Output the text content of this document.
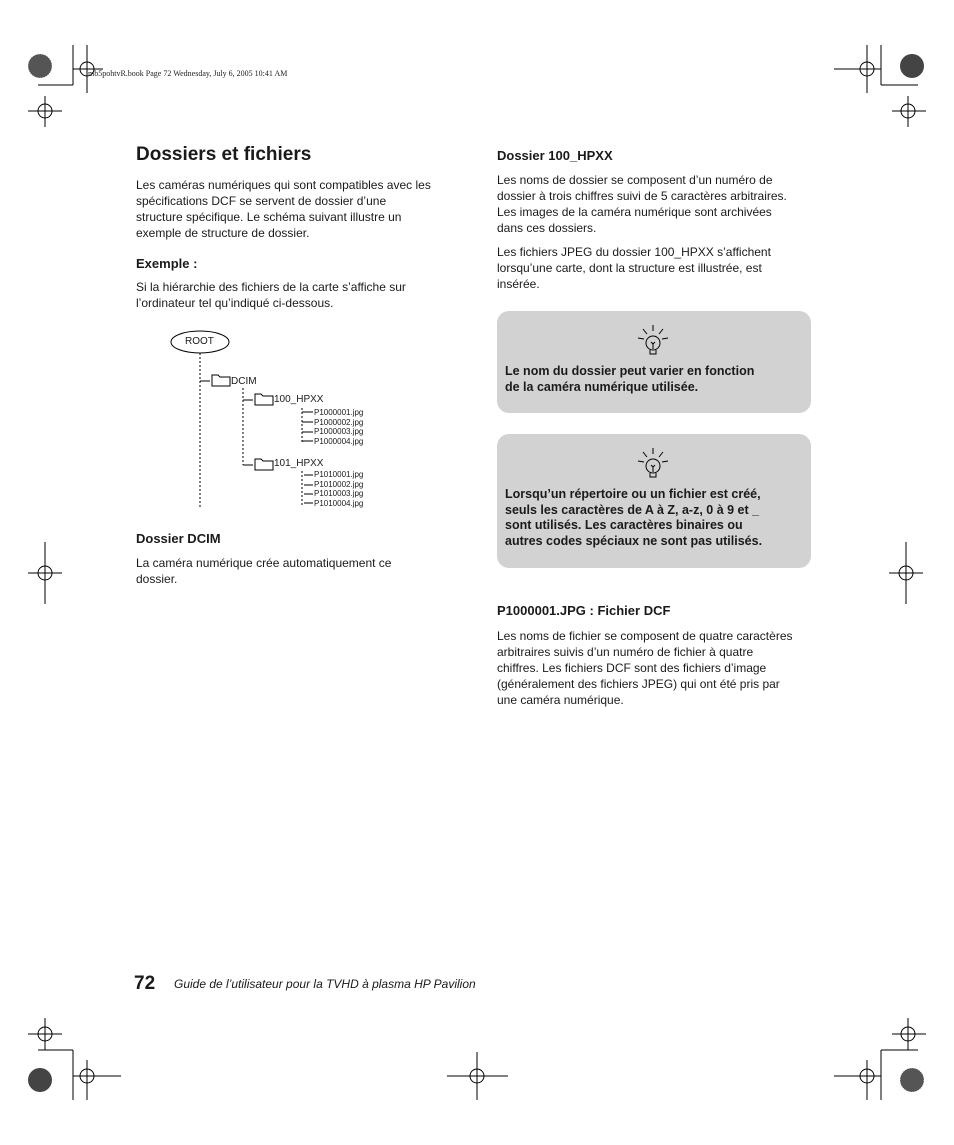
mb5pohtvR.book Page 72 Wednesday, July 6, 2005 10:41 AM
Dossiers et fichiers
Les caméras numériques qui sont compatibles avec les
spécifications DCF se servent de dossier d’une
structure spécifique. Le schéma suivant illustre un
exemple de structure de dossier.
Exemple :
Si la hiérarchie des fichiers de la carte s’affiche sur
l’ordinateur tel qu’indiqué ci-dessous.
ROOT
DCIM
100_HPXX
P1000001.jpg
P1000002.jpg
P1000003.jpg
P1000004.jpg
101_HPXX
P1010001.jpg
P1010002.jpg
P1010003.jpg
P1010004.jpg
Dossier DCIM
La caméra numérique crée automatiquement ce
dossier.
Dossier 100_HPXX
Les noms de dossier se composent d’un numéro de
dossier à trois chiffres suivi de 5 caractères arbitraires.
Les images de la caméra numérique sont archivées
dans ces dossiers.
Les fichiers JPEG du dossier 100_HPXX s’affichent
lorsqu’une carte, dont la structure est illustrée, est
insérée.
Le nom du dossier peut varier en fonction
de la caméra numérique utilisée.
Lorsqu’un répertoire ou un fichier est créé,
seuls les caractères de A à Z, a-z, 0 à 9 et _
sont utilisés. Les caractères binaires ou
autres codes spéciaux ne sont pas utilisés.
P1000001.JPG : Fichier DCF
Les noms de fichier se composent de quatre caractères
arbitraires suivis d’un numéro de fichier à quatre
chiffres. Les fichiers DCF sont des fichiers d’image
(généralement des fichiers JPEG) qui ont été pris par
une caméra numérique.
72 Guide de l’utilisateur pour la TVHD à plasma HP Pavilion
